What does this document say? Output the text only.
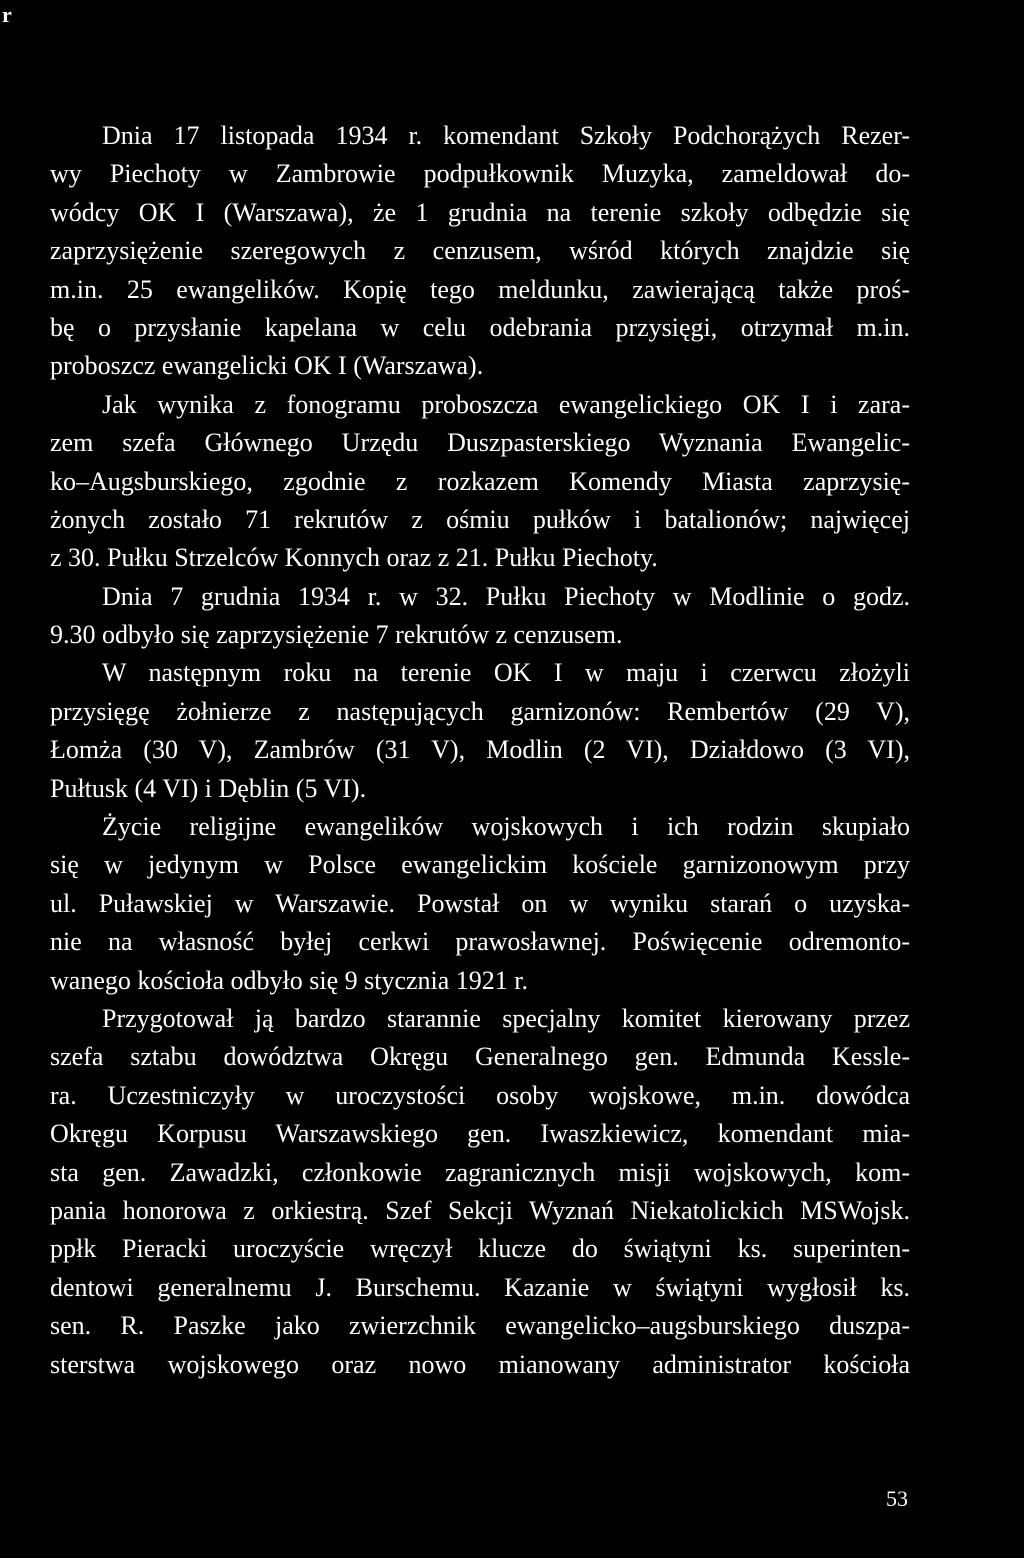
r
Dnia 17 listopada 1934 r. komendant Szkoły Podchorążych Rezer-
wy Piechoty w Zambrowie podpułkownik Muzyka, zameldował do-
wódcy OK I (Warszawa), że 1 grudnia na terenie szkoły odbędzie się
zaprzysiężenie szeregowych z cenzusem, wśród których znajdzie się
m.in. 25 ewangelików. Kopię tego meldunku, zawierającą także proś-
bę o przysłanie kapelana w celu odebrania przysięgi, otrzymał m.in.
proboszcz ewangelicki OK I (Warszawa).
Jak wynika z fonogramu proboszcza ewangelickiego OK I i zara-
zem szefa Głównego Urzędu Duszpasterskiego Wyznania Ewangelic-
ko–Augsburskiego, zgodnie z rozkazem Komendy Miasta zaprzysię-
żonych zostało 71 rekrutów z ośmiu pułków i batalionów; najwięcej
z 30. Pułku Strzelców Konnych oraz z 21. Pułku Piechoty.
Dnia 7 grudnia 1934 r. w 32. Pułku Piechoty w Modlinie o godz.
9.30 odbyło się zaprzysiężenie 7 rekrutów z cenzusem.
W następnym roku na terenie OK I w maju i czerwcu złożyli
przysięgę żołnierze z następujących garnizonów: Rembertów (29 V),
Łomża (30 V), Zambrów (31 V), Modlin (2 VI), Działdowo (3 VI),
Pułtusk (4 VI) i Dęblin (5 VI).
Życie religijne ewangelików wojskowych i ich rodzin skupiało
się w jedynym w Polsce ewangelickim kościele garnizonowym przy
ul. Puławskiej w Warszawie. Powstał on w wyniku starań o uzyska-
nie na własność byłej cerkwi prawosławnej. Poświęcenie odremonto-
wanego kościoła odbyło się 9 stycznia 1921 r.
Przygotował ją bardzo starannie specjalny komitet kierowany przez
szefa sztabu dowództwa Okręgu Generalnego gen. Edmunda Kessle-
ra. Uczestniczyły w uroczystości osoby wojskowe, m.in. dowódca
Okręgu Korpusu Warszawskiego gen. Iwaszkiewicz, komendant mia-
sta gen. Zawadzki, członkowie zagranicznych misji wojskowych, kom-
pania honorowa z orkiestrą. Szef Sekcji Wyznań Niekatolickich MSWojsk.
ppłk Pieracki uroczyście wręczył klucze do świątyni ks. superinten-
dentowi generalnemu J. Burschemu. Kazanie w świątyni wygłosił ks.
sen. R. Paszke jako zwierzchnik ewangelicko–augsburskiego duszpa-
sterstwa wojskowego oraz nowo mianowany administrator kościoła
53
